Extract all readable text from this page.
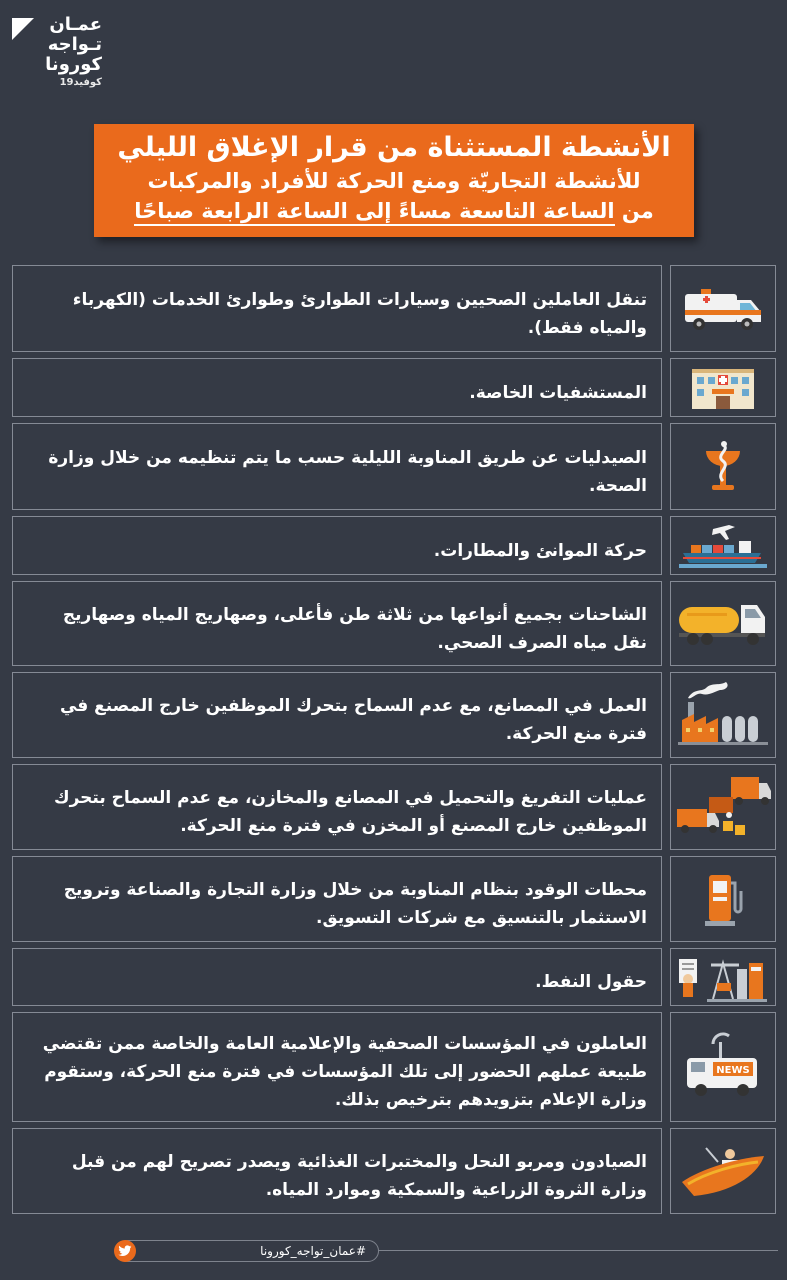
عمـان
تـواجه
كورونا
كوفيد19
الأنشطة المستثناة من قرار الإغلاق الليلي
للأنشطة التجاريّة ومنع الحركة للأفراد والمركبات
من الساعة التاسعة مساءً إلى الساعة الرابعة صباحًا
تنقل العاملين الصحيين وسيارات الطوارئ وطوارئ الخدمات (الكهرباء والمياه فقط).
المستشفيات الخاصة.
الصيدليات عن طريق المناوبة الليلية حسب ما يتم تنظيمه من خلال وزارة الصحة.
حركة الموانئ والمطارات.
الشاحنات بجميع أنواعها من ثلاثة طن فأعلى، وصهاريج المياه وصهاريج نقل مياه الصرف الصحي.
العمل في المصانع، مع عدم السماح بتحرك الموظفين خارج المصنع في فترة منع الحركة.
عمليات التفريغ والتحميل في المصانع والمخازن، مع عدم السماح بتحرك الموظفين خارج المصنع أو المخزن في فترة منع الحركة.
محطات الوقود بنظام المناوبة من خلال وزارة التجارة والصناعة وترويج الاستثمار بالتنسيق مع شركات التسويق.
حقول النفط.
العاملون في المؤسسات الصحفية والإعلامية العامة والخاصة ممن تقتضي طبيعة عملهم الحضور إلى تلك المؤسسات في فترة منع الحركة، وستقوم وزارة الإعلام بتزويدهم بترخيص بذلك.
NEWS
الصيادون ومربو النحل والمختبرات الغذائية ويصدر تصريح لهم من قبل وزارة الثروة الزراعية والسمكية وموارد المياه.
#عمان_تواجه_كورونا
